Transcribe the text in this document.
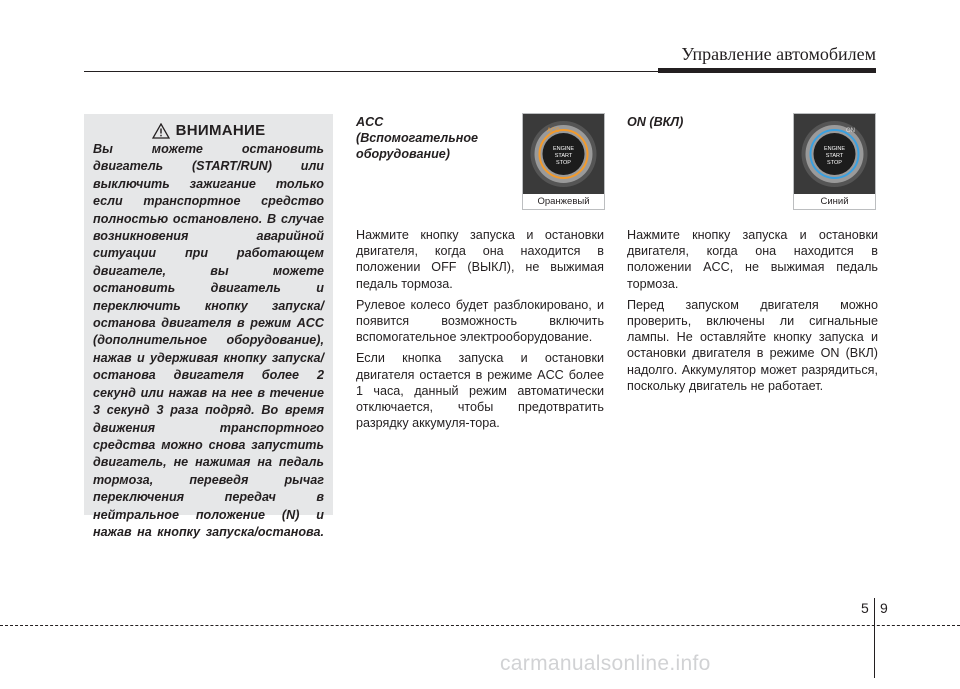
Управление автомобилем
ВНИМАНИЕ
Вы можете остановить двигатель (START/RUN) или выключить зажигание только если транспортное средство полностью остановлено. В случае возникновения аварийной ситуации при работающем двигателе, вы можете остановить двигатель и переключить кнопку запуска/останова двигателя в режим ACC (дополнительное оборудование), нажав и удерживая кнопку запуска/останова двигателя более 2 секунд или нажав на нее в течение 3 секунд 3 раза подряд. Во время движения транспортного средства можно снова запустить двигатель, не нажимая на педаль тормоза, переведя рычаг переключения передач в нейтральное положение (N) и нажав на кнопку запуска/останова.
ACC
(Вспомогательное
оборудование)
ACC
ENGINE
START
STOP
Оранжевый

Нажмите кнопку запуска и остановки двигателя, когда она находится в положении OFF (ВЫКЛ), не выжимая педаль тормоза.

Рулевое колесо будет разблокировано, и появится возможность включить вспомогательное электрооборудование.

Если кнопка запуска и остановки двигателя остается в режиме ACC более 1 часа, данный режим автоматически отключается, чтобы предотвратить разрядку аккумуля-тора.

ON (ВКЛ)
ON
ENGINE
START
STOP
Синий

Нажмите кнопку запуска и остановки двигателя, когда она находится в положении ACC, не выжимая педаль тормоза.

Перед запуском двигателя можно проверить, включены ли сигнальные лампы. Не оставляйте кнопку запуска и остановки двигателя в режиме ON (ВКЛ) надолго. Аккумулятор может разрядиться, поскольку двигатель не работает.

5 9
carmanualsonline.info
